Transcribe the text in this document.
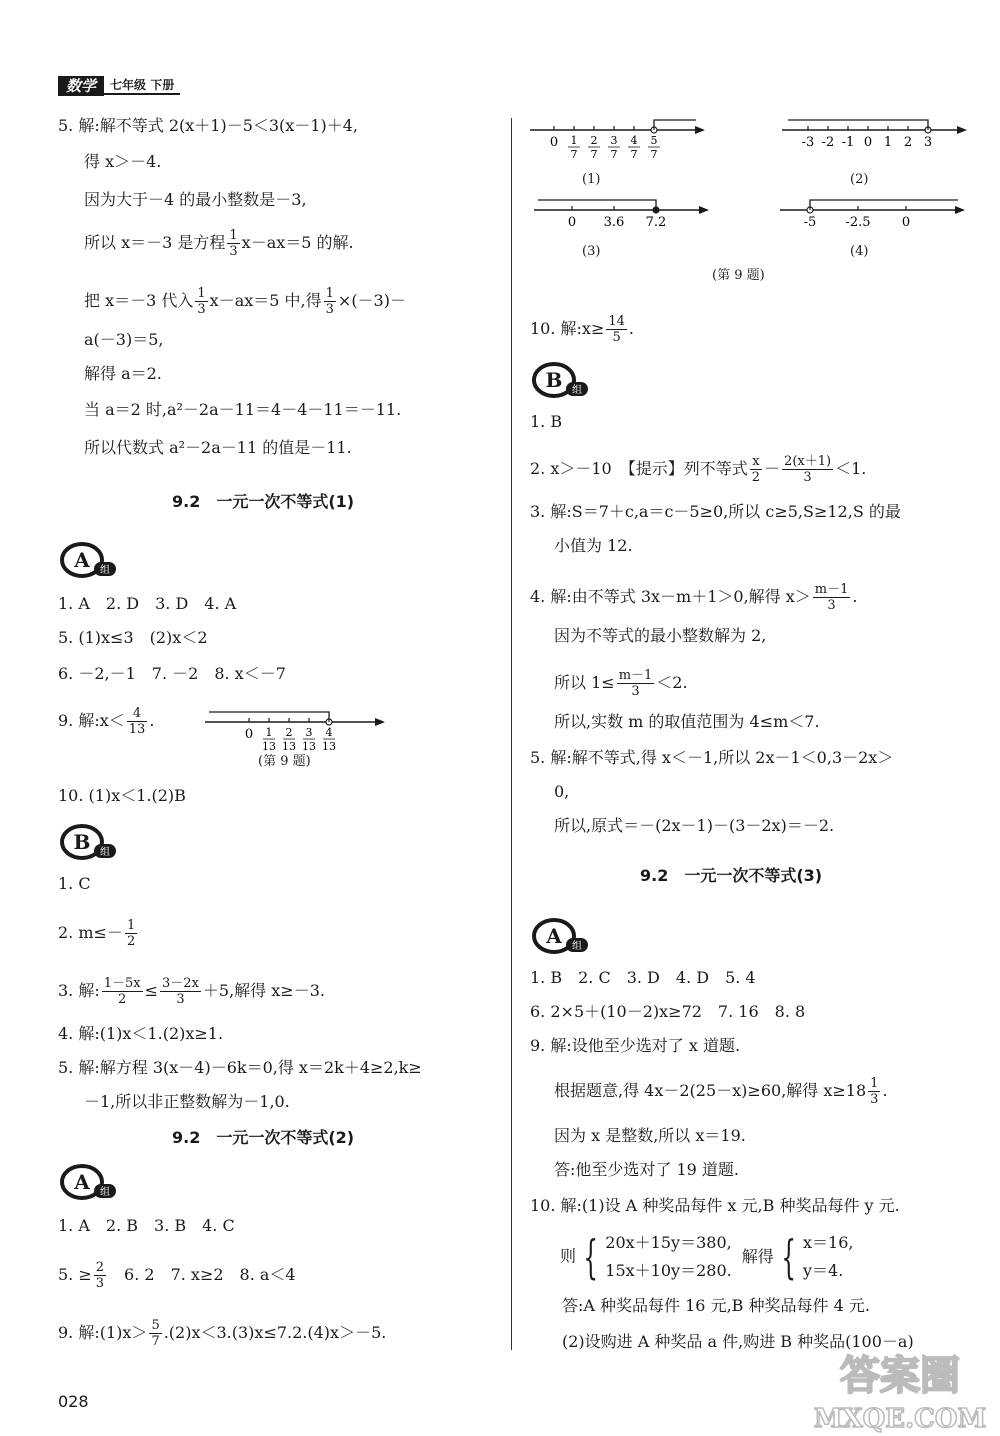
数学	七年级 下册
5. 解:解不等式 2(x＋1)－5＜3(x－1)＋4,
得 x＞－4.
因为大于－4 的最小整数是－3,
所以 x＝－3 是方程 $\frac{1}{3} x-ax=5$ 的解.
把 x＝－3 代入 $\frac{1}{3} x-ax=5$ 中,得 $\frac{1}{3} \times(-3)-$
a(－3)＝5,
解得 a＝2.
当 a＝2 时,a²－2a－11＝4－4－11＝－11.
所以代数式 a²－2a－11 的值是－11.
9.2　一元一次不等式(1)
A 组
1. A　2. D　3. D　4. A
5. (1)x≤3　(2)x＜2
6. －2,－1　7. －2　8. x＜－7
9. 解:x＜ $\frac{4}{13}$ .
0 1
13
2
13
3
13
4
13
(第 9 题)
10. (1)x＜1.(2)B
B 组
1. C
2. $m\le- \frac{1}{2}$
3. 解: $\frac{1-5x}{2} \le \frac{3-2x}{3} +5$,解得 x≥－3.
4. 解:(1)x＜1.(2)x≥1.
5. 解:解方程 3(x－4)－6k＝0,得 x＝2k＋4≥2,k≥
－1,所以非正整数解为－1,0.
9.2　一元一次不等式(2)
A 组
1. A　2. B　3. B　4. C
5. ≥ $\frac{2}{3}$ 　6. 2　7. x≥2　8. a＜4
9. 解:(1)x＞ $\frac{5}{7} .(2)x<3.(3)x\le 7.2.(4)x>-5$.
0 1
7
2
7
3
7
4
7
5
7
(1)
-3 -2 -1 0 1 2 3
(2)
0 3.6 7.2
(3)
-5 -2.5 0
(4)
(第 9 题)
10. 解:x≥ $\frac{14}{5}$ .
B 组
1. B
2. x＞－10　【提示】列不等式 $\frac{x}{2} - \frac{2(x+1)}{3} <1$.
3. 解:S＝7＋c,a＝c－5≥0,所以 c≥5,S≥12,S 的最
小值为 12.
4. 解:由不等式 3x－m＋1＞0,解得 $x> \frac{m-1}{3}$ .
因为不等式的最小整数解为 2,
所以 $1\le \frac{m-1}{3} <2$.
所以,实数 m 的取值范围为 4≤m＜7.
5. 解:解不等式,得 x＜－1,所以 2x－1＜0,3－2x＞
0,
所以,原式＝－(2x－1)－(3－2x)＝－2.
9.2　一元一次不等式(3)
A 组
1. B　2. C　3. D　4. D　5. 4
6. 2×5＋(10－2)x≥72　7. 16　8. 8
9. 解:设他至少选对了 x 道题.
根据题意,得 4x－2(25－x)≥60,解得 $x\ge 18 \frac{1}{3}$ .
因为 x 是整数,所以 x＝19.
答:他至少选对了 19 道题.
10. 解:(1)设 A 种奖品每件 x 元,B 种奖品每件 y 元.
则 { 20x＋15y＝380,
15x＋10y＝280.
解得 { x＝16,
y＝4.
答:A 种奖品每件 16 元,B 种奖品每件 4 元.
(2)设购进 A 种奖品 a 件,购进 B 种奖品(100－a)
028
答案圈
MXQE.COM
